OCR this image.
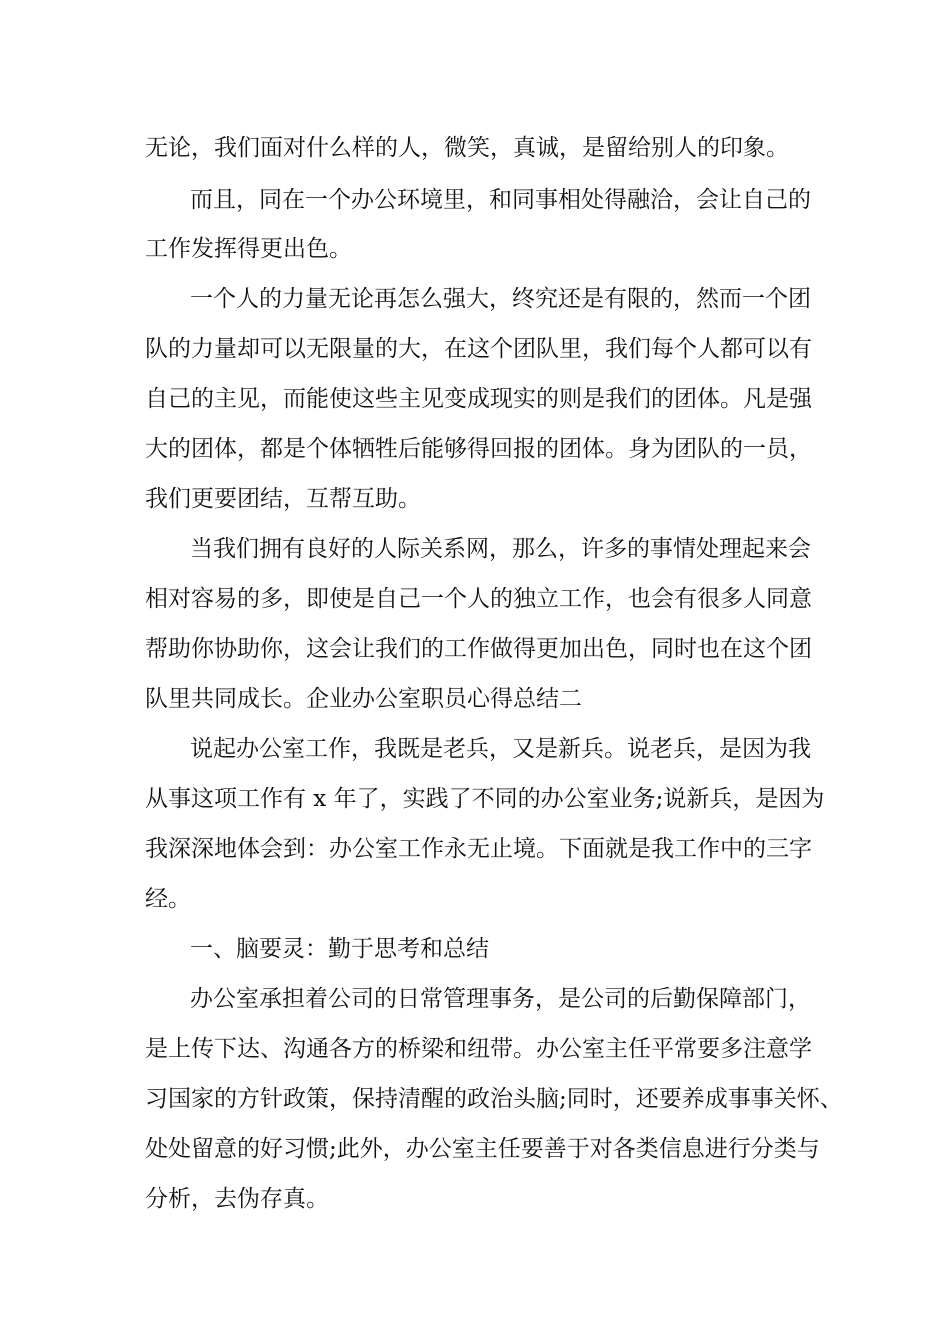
无论，我们面对什么样的人，微笑，真诚，是留给别人的印象。

而且，同在一个办公环境里，和同事相处得融洽，会让自己的

工作发挥得更出色。

一个人的力量无论再怎么强大，终究还是有限的，然而一个团

队的力量却可以无限量的大，在这个团队里，我们每个人都可以有

自己的主见，而能使这些主见变成现实的则是我们的团体。凡是强

大的团体，都是个体牺牲后能够得回报的团体。身为团队的一员，

我们更要团结，互帮互助。

当我们拥有良好的人际关系网，那么，许多的事情处理起来会

相对容易的多，即使是自己一个人的独立工作，也会有很多人同意

帮助你协助你，这会让我们的工作做得更加出色，同时也在这个团

队里共同成长。企业办公室职员心得总结二

说起办公室工作，我既是老兵，又是新兵。说老兵，是因为我

从事这项工作有 x 年了，实践了不同的办公室业务;说新兵，是因为

我深深地体会到：办公室工作永无止境。下面就是我工作中的三字

经。

一、脑要灵：勤于思考和总结

办公室承担着公司的日常管理事务，是公司的后勤保障部门，

是上传下达、沟通各方的桥梁和纽带。办公室主任平常要多注意学

习国家的方针政策，保持清醒的政治头脑;同时，还要养成事事关怀、

处处留意的好习惯;此外，办公室主任要善于对各类信息进行分类与

分析，去伪存真。
